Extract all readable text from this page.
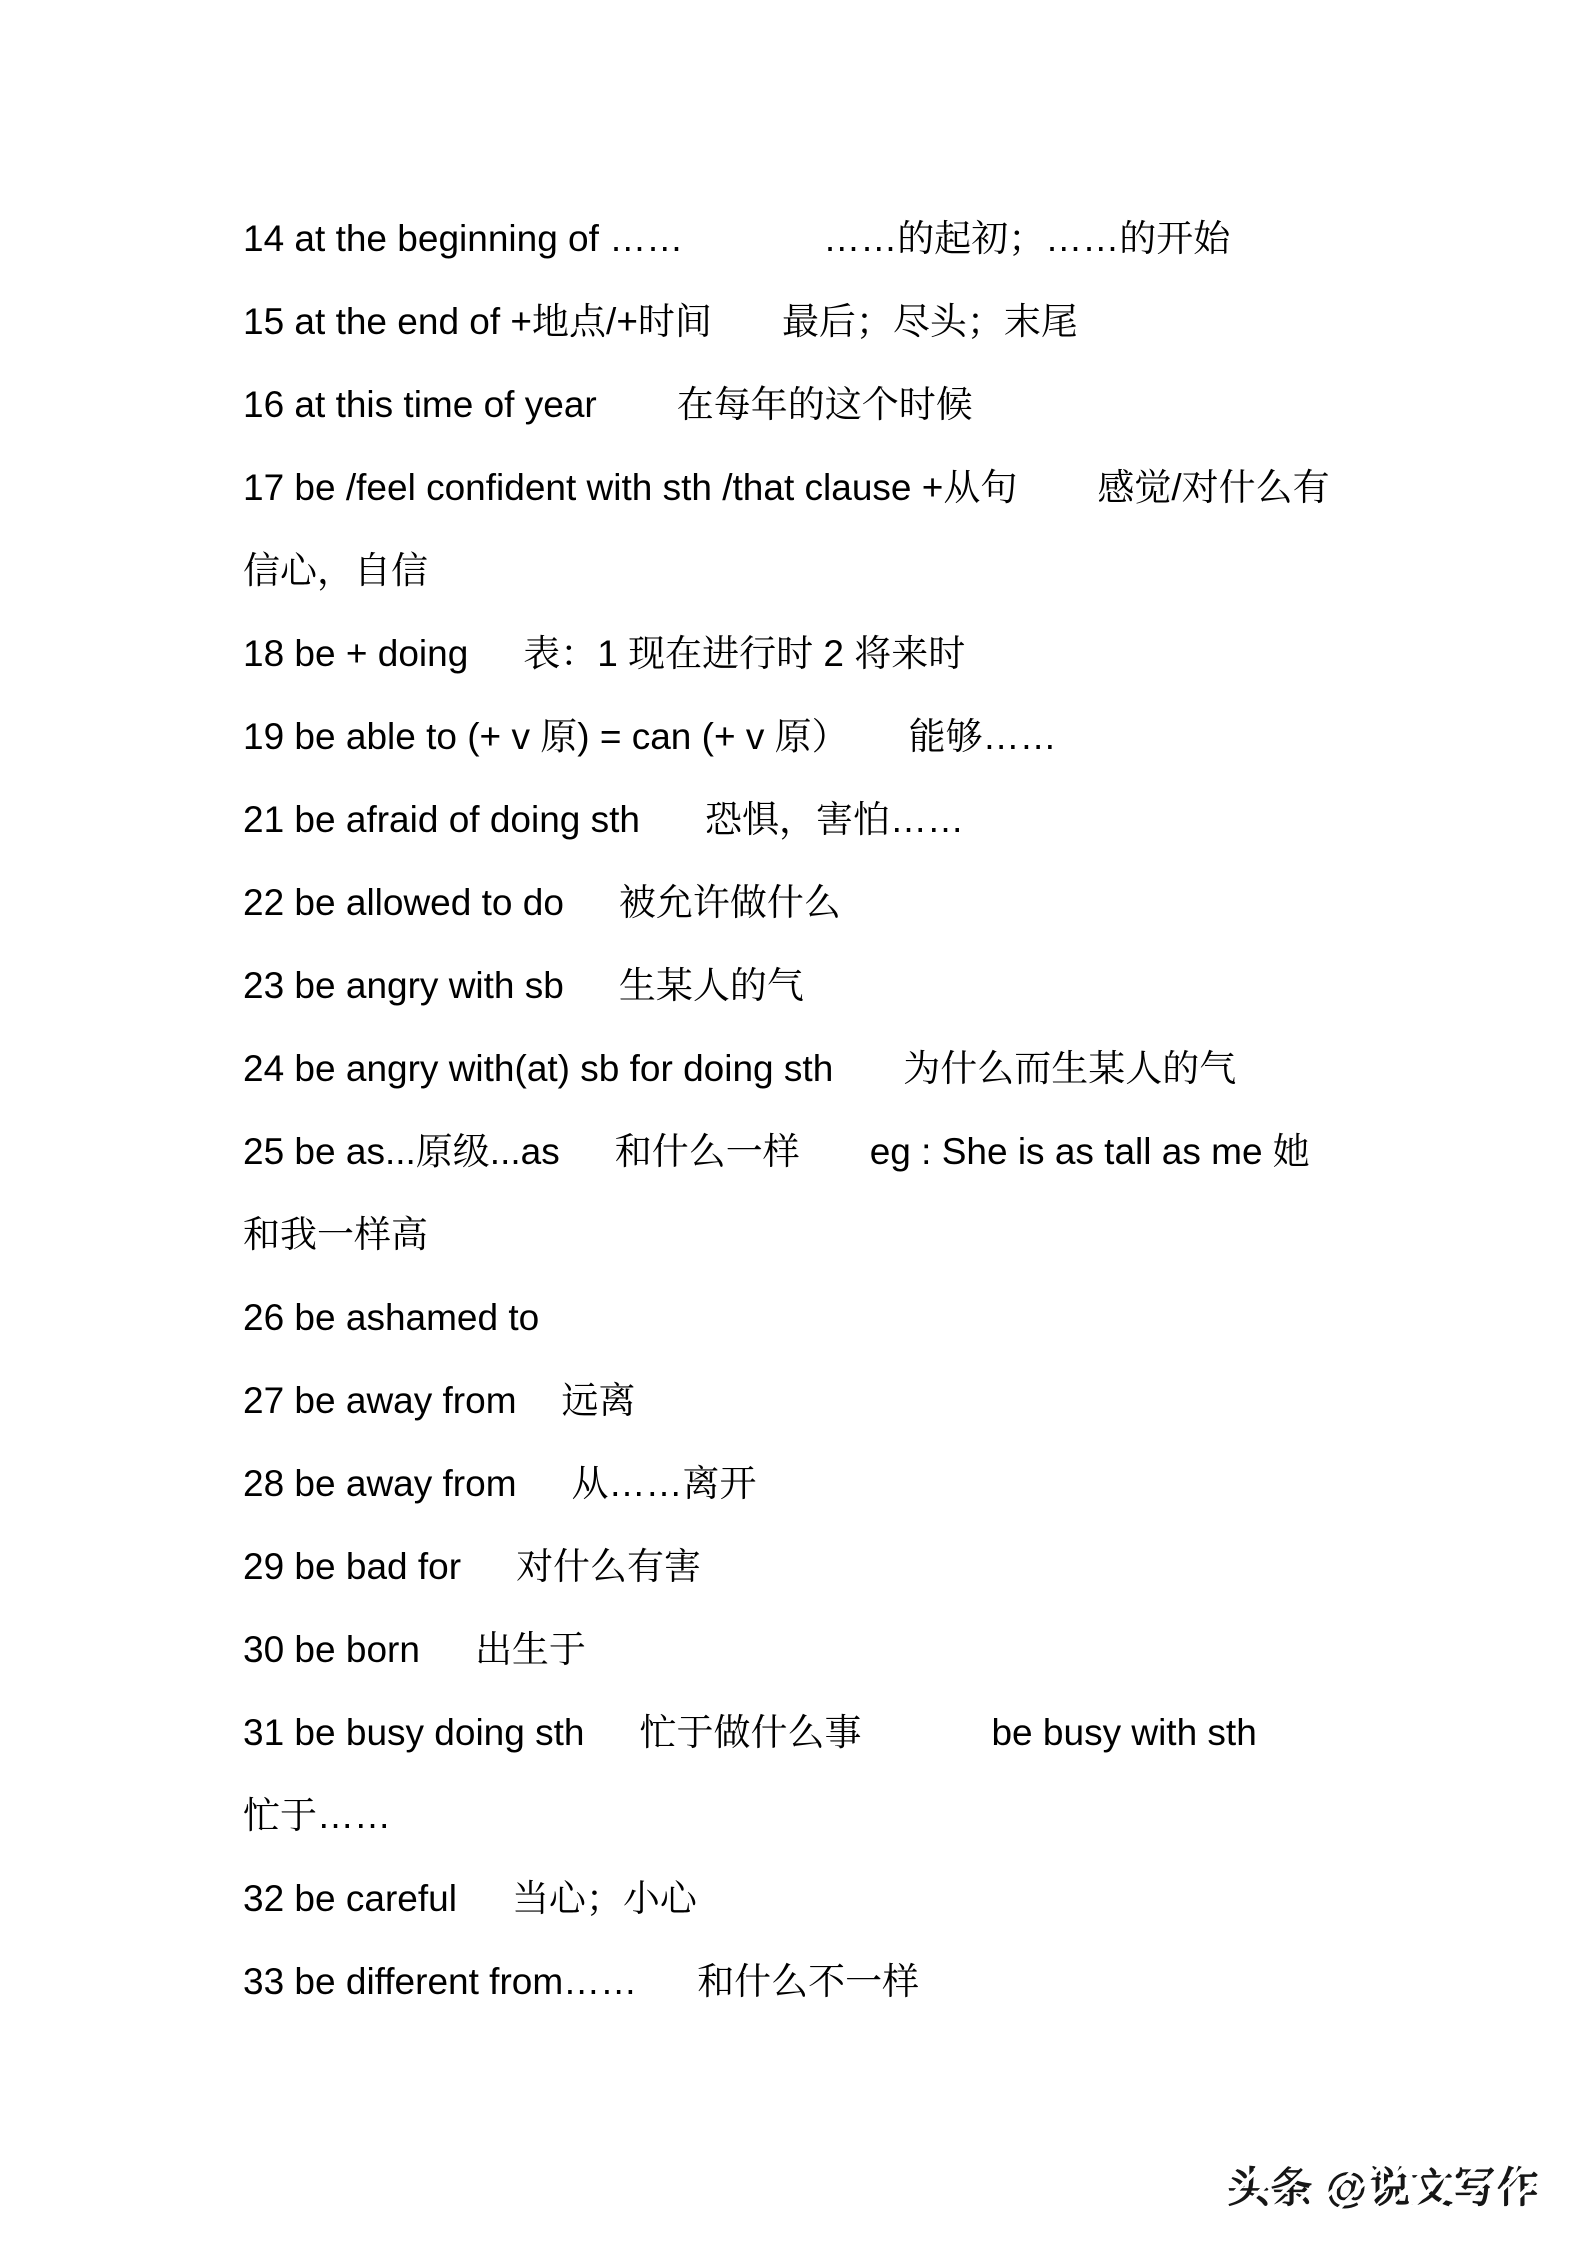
14 at the beginning of ……	……的起初；……的开始
15 at the end of +地点/+时间 最后；尽头；末尾
16 at this time of year 在每年的这个时候
17 be /feel confident with sth /that clause +从句 感觉/对什么有
信心，自信
18 be + doing 表：1 现在进行时 2 将来时
19 be able to (+ v 原) = can (+ v 原） 能够……
21 be afraid of doing sth 恐惧，害怕……
22 be allowed to do 被允许做什么
23 be angry with sb 生某人的气
24 be angry with(at) sb for doing sth 为什么而生某人的气
25 be as...原级...as 和什么一样 eg : She is as tall as me 她
和我一样高
26 be ashamed to
27 be away from 远离
28 be away from 从……离开
29 be bad for 对什么有害
30 be born 出生于
31 be busy doing sth 忙于做什么事	be busy with sth
忙于……
32 be careful 当心；小心
33 be different from…… 和什么不一样
头条 @说文写作
